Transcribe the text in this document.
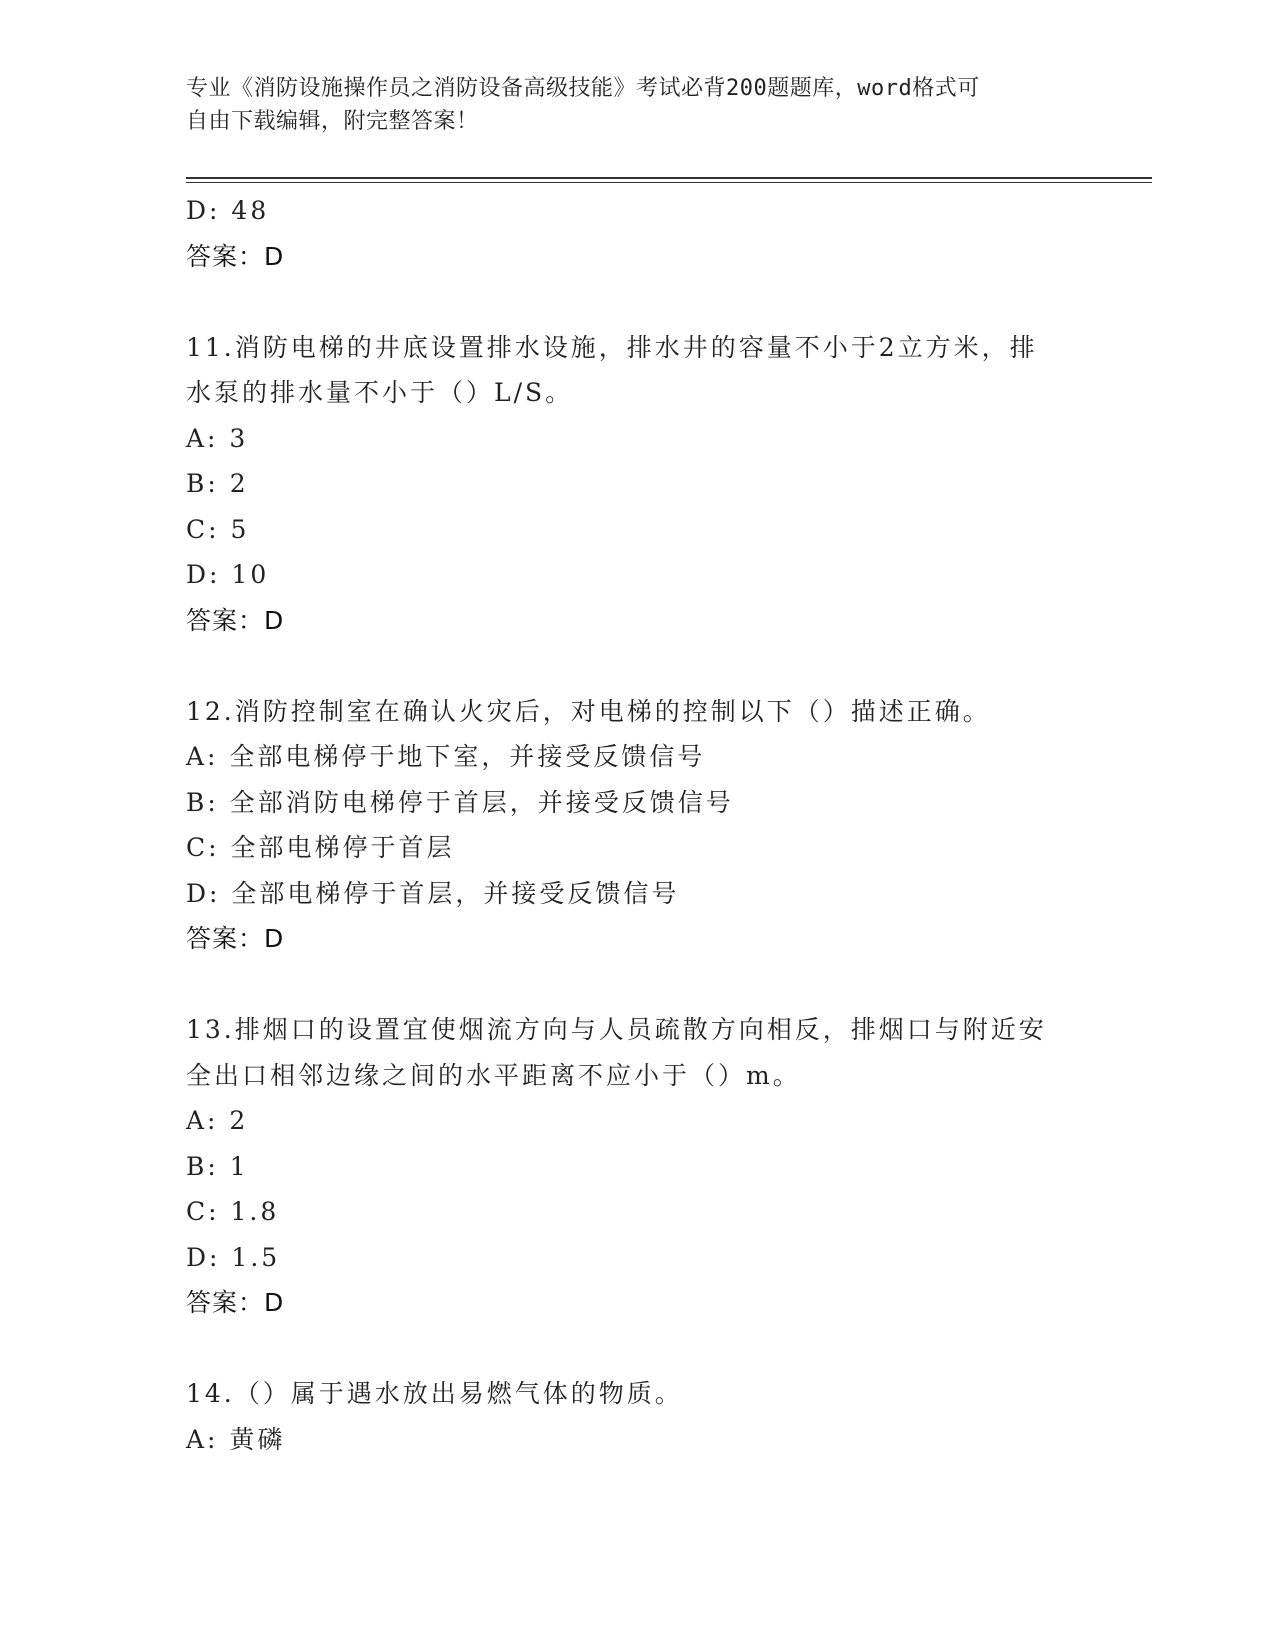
专业《消防设施操作员之消防设备高级技能》考试必背200题题库，word格式可
自由下载编辑，附完整答案！
D: 48
答案：D
11.消防电梯的井底设置排水设施，排水井的容量不小于2立方米，排
水泵的排水量不小于（）L/S。
A: 3
B: 2
C: 5
D: 10
答案：D
12.消防控制室在确认火灾后，对电梯的控制以下（）描述正确。
A: 全部电梯停于地下室，并接受反馈信号
B: 全部消防电梯停于首层，并接受反馈信号
C: 全部电梯停于首层
D: 全部电梯停于首层，并接受反馈信号
答案：D
13.排烟口的设置宜使烟流方向与人员疏散方向相反，排烟口与附近安
全出口相邻边缘之间的水平距离不应小于（）m。
A: 2
B: 1
C: 1.8
D: 1.5
答案：D
14.（）属于遇水放出易燃气体的物质。
A: 黄磷
